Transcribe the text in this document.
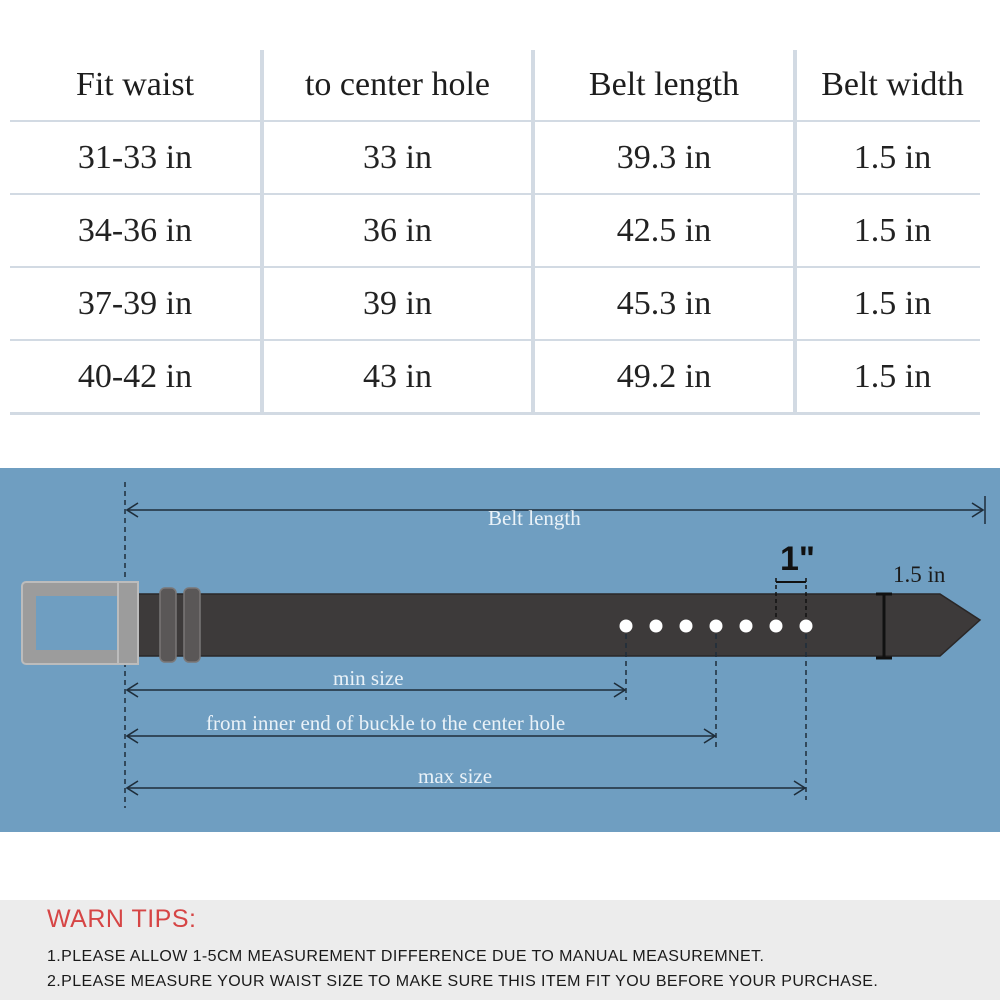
Fit waist	to center hole	Belt length	Belt width
31-33 in	33 in	39.3 in	1.5 in
34-36 in	36 in	42.5 in	1.5 in
37-39 in	39 in	45.3 in	1.5 in
40-42 in	43 in	49.2 in	1.5 in
Belt length
1"	1.5 in
min size
from inner end of buckle to the center hole
max size
WARN TIPS:
1.PLEASE ALLOW 1-5CM MEASUREMENT DIFFERENCE DUE TO MANUAL MEASUREMNET.
2.PLEASE MEASURE YOUR WAIST SIZE TO MAKE SURE THIS ITEM FIT YOU BEFORE YOUR PURCHASE.
